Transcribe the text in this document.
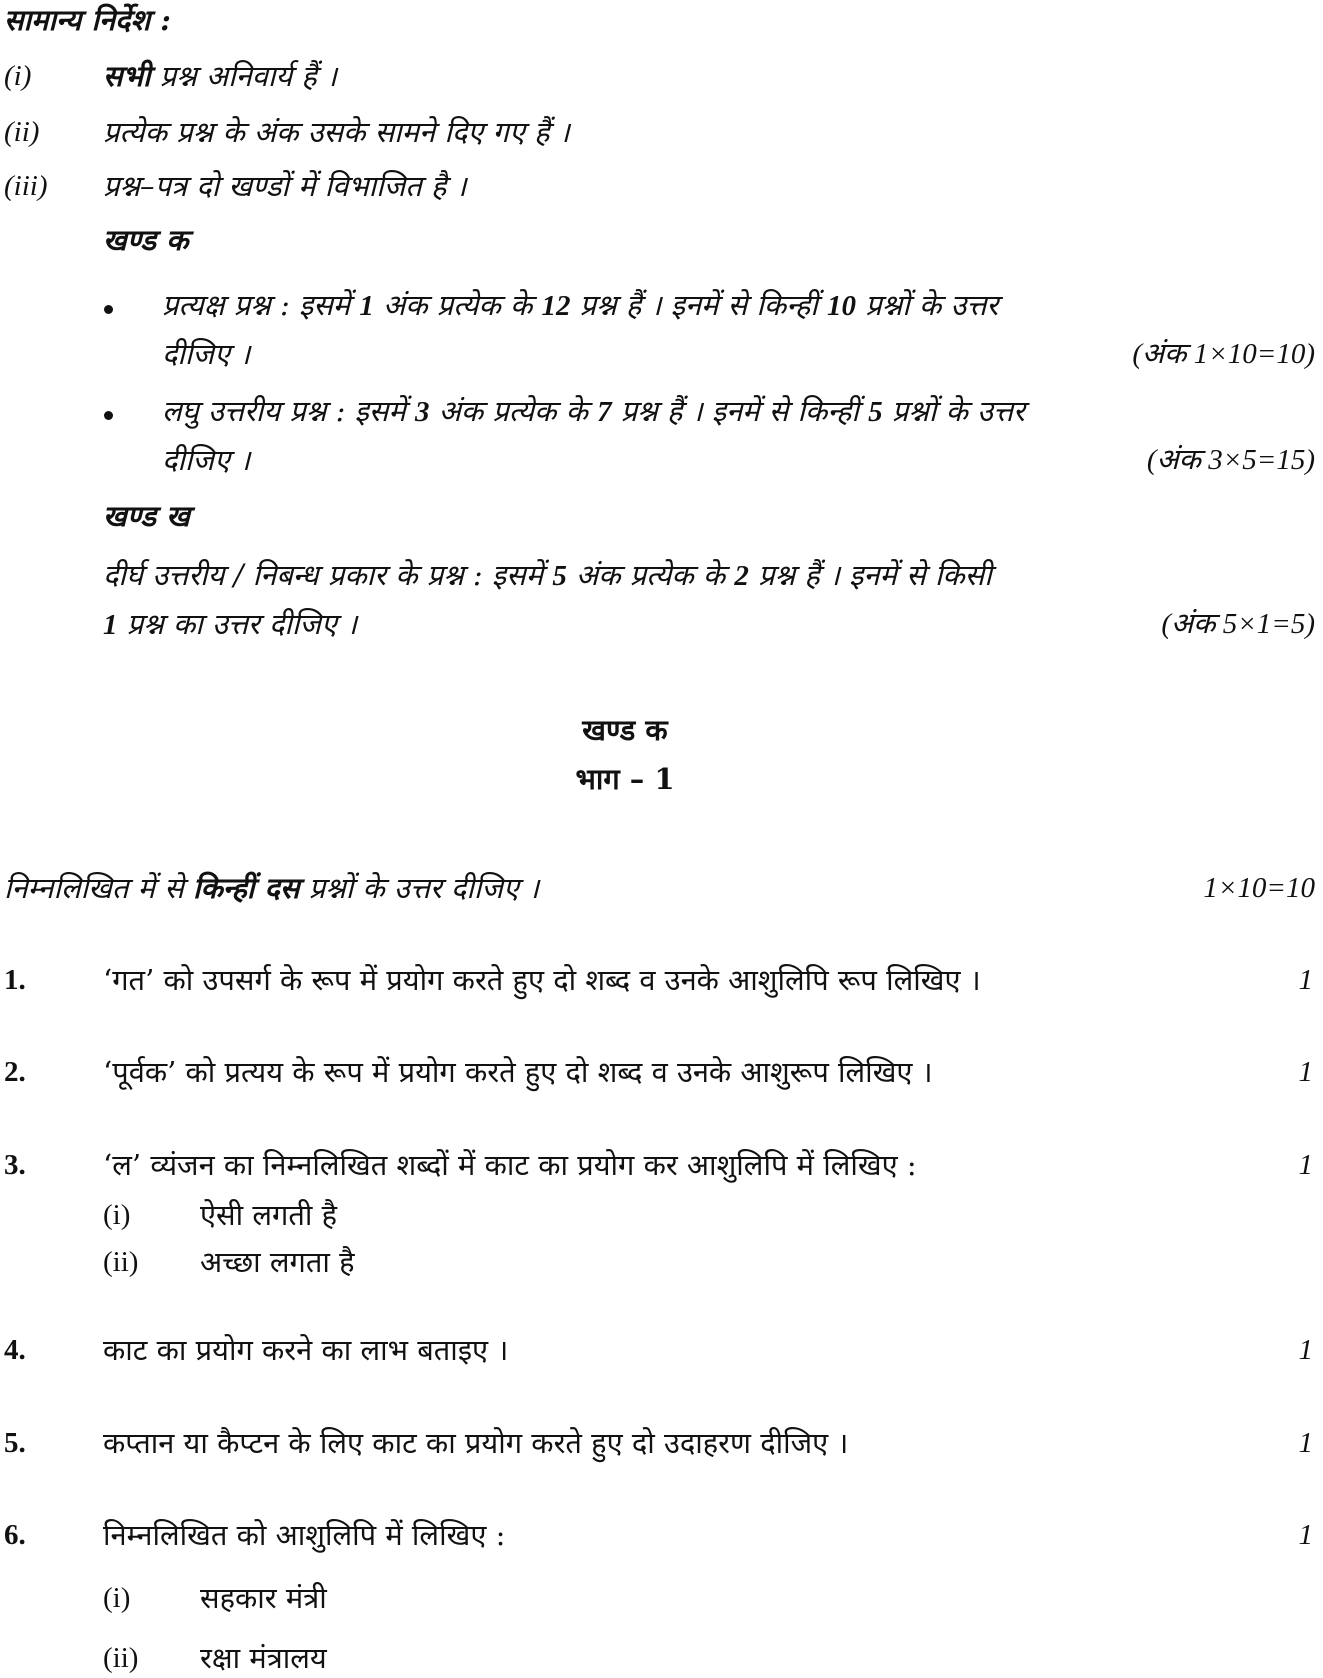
सामान्य निर्देश :
(i) सभी प्रश्न अनिवार्य हैं ।
(ii) प्रत्येक प्रश्न के अंक उसके सामने दिए गए हैं ।
(iii) प्रश्न–पत्र दो खण्डों में विभाजित है ।
खण्ड क
प्रत्यक्ष प्रश्न : इसमें 1 अंक प्रत्येक के 12 प्रश्न हैं । इनमें से किन्हीं 10 प्रश्नों के उत्तर
दीजिए ।	(अंक 1×10=10)
लघु उत्तरीय प्रश्न : इसमें 3 अंक प्रत्येक के 7 प्रश्न हैं । इनमें से किन्हीं 5 प्रश्नों के उत्तर
दीजिए ।	(अंक 3×5=15)
खण्ड ख
दीर्घ उत्तरीय / निबन्ध प्रकार के प्रश्न : इसमें 5 अंक प्रत्येक के 2 प्रश्न हैं । इनमें से किसी
1 प्रश्न का उत्तर दीजिए ।	(अंक 5×1=5)
खण्ड क
भाग – 1
निम्नलिखित में से किन्हीं दस प्रश्नों के उत्तर दीजिए ।	1×10=10
1.	‘गत’ को उपसर्ग के रूप में प्रयोग करते हुए दो शब्द व उनके आशुलिपि रूप लिखिए ।	1
2.	‘पूर्वक’ को प्रत्यय के रूप में प्रयोग करते हुए दो शब्द व उनके आशुरूप लिखिए ।	1
3.	‘ल’ व्यंजन का निम्नलिखित शब्दों में काट का प्रयोग कर आशुलिपि में लिखिए :	1
(i) ऐसी लगती है
(ii) अच्छा लगता है
4.	काट का प्रयोग करने का लाभ बताइए ।	1
5.	कप्तान या कैप्टन के लिए काट का प्रयोग करते हुए दो उदाहरण दीजिए ।	1
6.	निम्नलिखित को आशुलिपि में लिखिए :	1
(i) सहकार मंत्री
(ii) रक्षा मंत्रालय
